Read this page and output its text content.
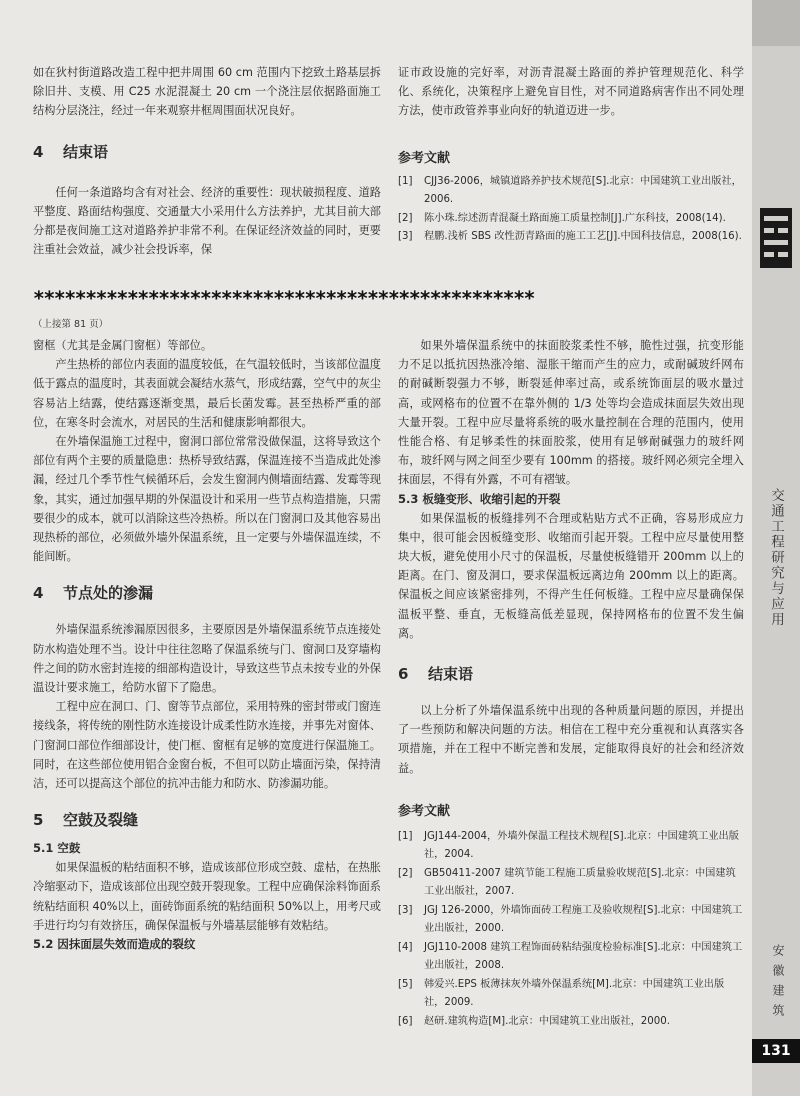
如在狄村街道路改造工程中把井周围 60 cm 范围内下挖致土路基层拆除旧井、支模、用 C25 水泥混凝土 20 cm 一个浇注层依据路面施工结构分层浇注，经过一年来观察井框周围面状况良好。

4 结束语

任何一条道路均含有对社会、经济的重要性：现状破损程度、道路平整度、路面结构强度、交通量大小采用什么方法养护，尤其目前大部分都是夜间施工这对道路养护非常不利。在保证经济效益的同时，更要注重社会效益，减少社会投诉率，保

证市政设施的完好率，对沥青混凝土路面的养护管理规范化、科学化、系统化，决策程序上避免盲目性，对不同道路病害作出不同处理方法，使市政管养事业向好的轨道迈进一步。

参考文献
[1]	CJJ36-2006，城镇道路养护技术规范[S].北京：中国建筑工业出版社，2006.
[2]	陈小珠.综述沥青混凝土路面施工质量控制[J].广东科技，2008(14).
[3]	程鹏.浅析 SBS 改性沥青路面的施工工艺[J].中国科技信息，2008(16).
************************************************
（上接第 81 页）

窗框（尤其是金属门窗框）等部位。

产生热桥的部位内表面的温度较低，在气温较低时，当该部位温度低于露点的温度时，其表面就会凝结水蒸气，形成结露，空气中的灰尘容易沾上结露，使结露逐渐变黑，最后长菌发霉。甚至热桥严重的部位，在寒冬时会流水，对居民的生活和健康影响都很大。

在外墙保温施工过程中，窗洞口部位常常没做保温，这将导致这个部位有两个主要的质量隐患：热桥导致结露，保温连接不当造成此处渗漏，经过几个季节性气候循环后，会发生窗洞内侧墙面结露、发霉等现象，其实，通过加强早期的外保温设计和采用一些节点构造措施，只需要很少的成本，就可以消除这些冷热桥。所以在门窗洞口及其他容易出现热桥的部位，必须做外墙外保温系统，且一定要与外墙保温连续，不能间断。

4 节点处的渗漏

外墙保温系统渗漏原因很多，主要原因是外墙保温系统节点连接处防水构造处理不当。设计中往往忽略了保温系统与门、窗洞口及穿墙构件之间的防水密封连接的细部构造设计，导致这些节点未按专业的外保温设计要求施工，给防水留下了隐患。

工程中应在洞口、门、窗等节点部位，采用特殊的密封带或门窗连接线条，将传统的刚性防水连接设计成柔性防水连接，并事先对窗体、门窗洞口部位作细部设计，使门框、窗框有足够的宽度进行保温施工。同时，在这些部位使用铝合金窗台板，不但可以防止墙面污染，保持清洁，还可以提高这个部位的抗冲击能力和防水、防渗漏功能。

5 空鼓及裂缝
5.1 空鼓

如果保温板的粘结面积不够，造成该部位形成空鼓、虚枯，在热胀冷缩驱动下，造成该部位出现空鼓开裂现象。工程中应确保涂料饰面系统粘结面积 40%以上，面砖饰面系统的粘结面积 50%以上，用考尺或手进行均匀有效挤压，确保保温板与外墙基层能够有效粘结。

5.2 因抹面层失效而造成的裂纹

如果外墙保温系统中的抹面胶浆柔性不够，脆性过强，抗变形能力不足以抵抗因热涨冷缩、湿胀干缩而产生的应力，或耐碱玻纤网布的耐碱断裂强力不够，断裂延伸率过高，或系统饰面层的吸水量过高，或网格布的位置不在靠外侧的 1/3 处等均会造成抹面层失效出现大量开裂。工程中应尽量将系统的吸水量控制在合理的范围内，使用性能合格、有足够柔性的抹面胶浆，使用有足够耐碱强力的玻纤网布，玻纤网与网之间至少要有 100mm 的搭接。玻纤网必须完全埋入抹面层，不得有外露，不可有褶皱。

5.3 板缝变形、收缩引起的开裂

如果保温板的板缝排列不合理或粘贴方式不正确，容易形成应力集中，很可能会因板缝变形、收缩而引起开裂。工程中应尽量使用整块大板，避免使用小尺寸的保温板，尽量使板缝错开 200mm 以上的距离。在门、窗及洞口，要求保温板远离边角 200mm 以上的距离。保温板之间应该紧密排列，不得产生任何板缝。工程中应尽量确保保温板平整、垂直，无板缝高低差显现，保持网格布的位置不发生偏离。

6 结束语

以上分析了外墙保温系统中出现的各种质量问题的原因，并提出了一些预防和解决问题的方法。相信在工程中充分重视和认真落实各项措施，并在工程中不断完善和发展，定能取得良好的社会和经济效益。

参考文献
[1]	JGJ144-2004，外墙外保温工程技术规程[S].北京：中国建筑工业出版社，2004.
[2]	GB50411-2007 建筑节能工程施工质量验收规范[S].北京：中国建筑工业出版社，2007.
[3]	JGJ 126-2000，外墙饰面砖工程施工及验收规程[S].北京：中国建筑工业出版社，2000.
[4]	JGJ110-2008 建筑工程饰面砖粘结强度检验标准[S].北京：中国建筑工业出版社，2008.
[5]	韩爱兴.EPS 板薄抹灰外墙外保温系统[M].北京：中国建筑工业出版社，2009.
[6]	赵研.建筑构造[M].北京：中国建筑工业出版社，2000.
交通工程研究与应用
安徽建筑
131
